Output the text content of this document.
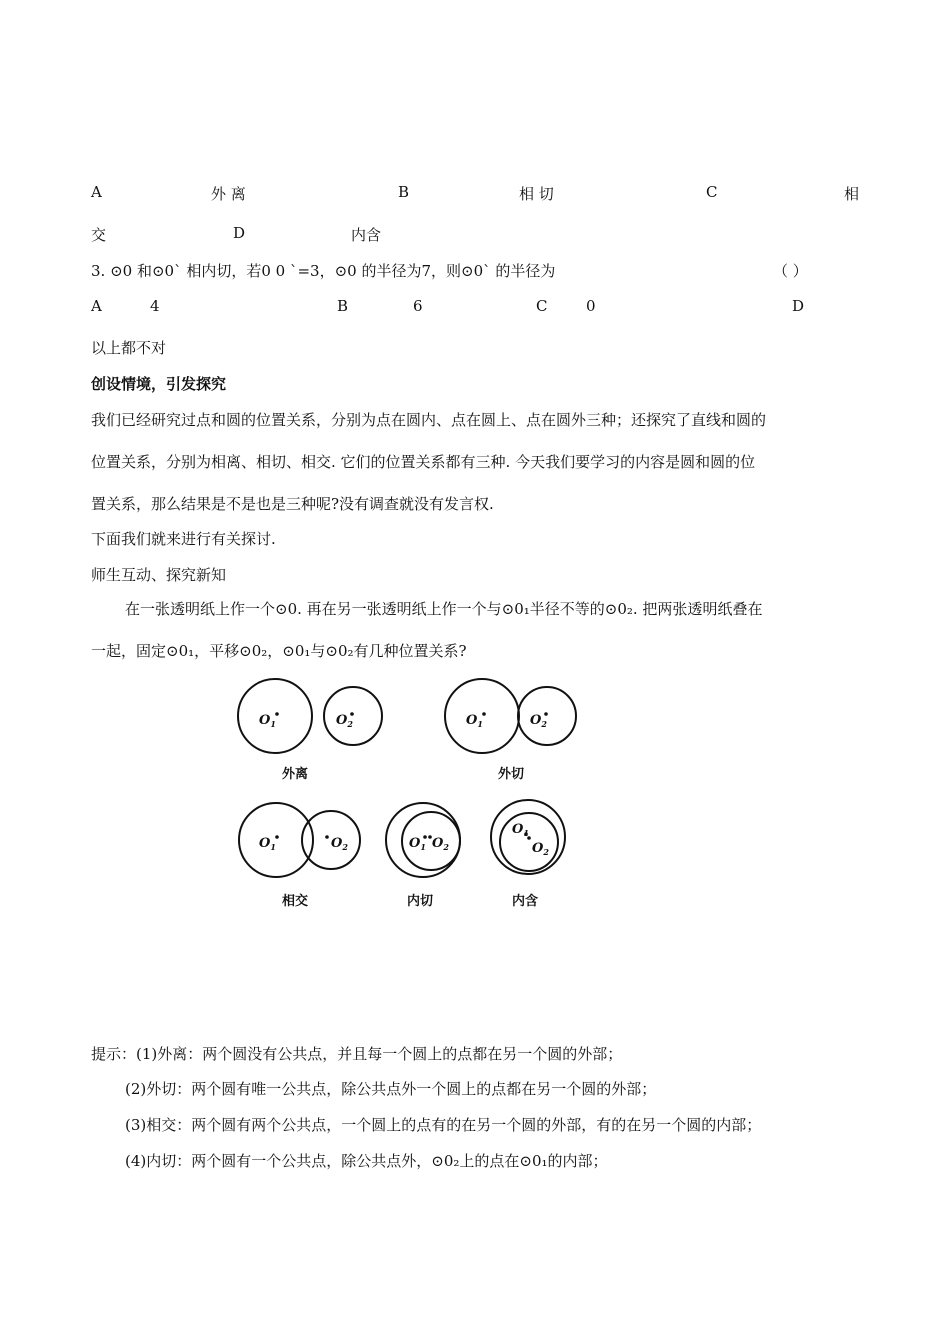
A	外 离	B	相 切	C	相
交	D	内含
3. ⊙0 和⊙0` 相内切，若0 0 `=3，⊙0 的半径为7，则⊙0` 的半径为	（ ）
A	4	B	6	C	0	D
以上都不对
创设情境，引发探究
我们已经研究过点和圆的位置关系，分别为点在圆内、点在圆上、点在圆外三种；还探究了直线和圆的
位置关系，分别为相离、相切、相交. 它们的位置关系都有三种. 今天我们要学习的内容是圆和圆的位
置关系，那么结果是不是也是三种呢?没有调查就没有发言权.
下面我们就来进行有关探讨.
师生互动、探究新知
在一张透明纸上作一个⊙0. 再在另一张透明纸上作一个与⊙0₁半径不等的⊙0₂. 把两张透明纸叠在
一起，固定⊙0₁，平移⊙0₂，⊙0₁与⊙0₂有几种位置关系?
$O_1$	$O_2$	$O_1$	$O_2$
$O_1$	$O_2$	$O_1$ $O_2$
$O_1$
$O_2$
外离	外切
相交	内切	内含
提示：(1)外离：两个圆没有公共点，并且每一个圆上的点都在另一个圆的外部；
(2)外切：两个圆有唯一公共点，除公共点外一个圆上的点都在另一个圆的外部；
(3)相交：两个圆有两个公共点，一个圆上的点有的在另一个圆的外部，有的在另一个圆的内部；
(4)内切：两个圆有一个公共点，除公共点外，⊙0₂上的点在⊙0₁的内部；
